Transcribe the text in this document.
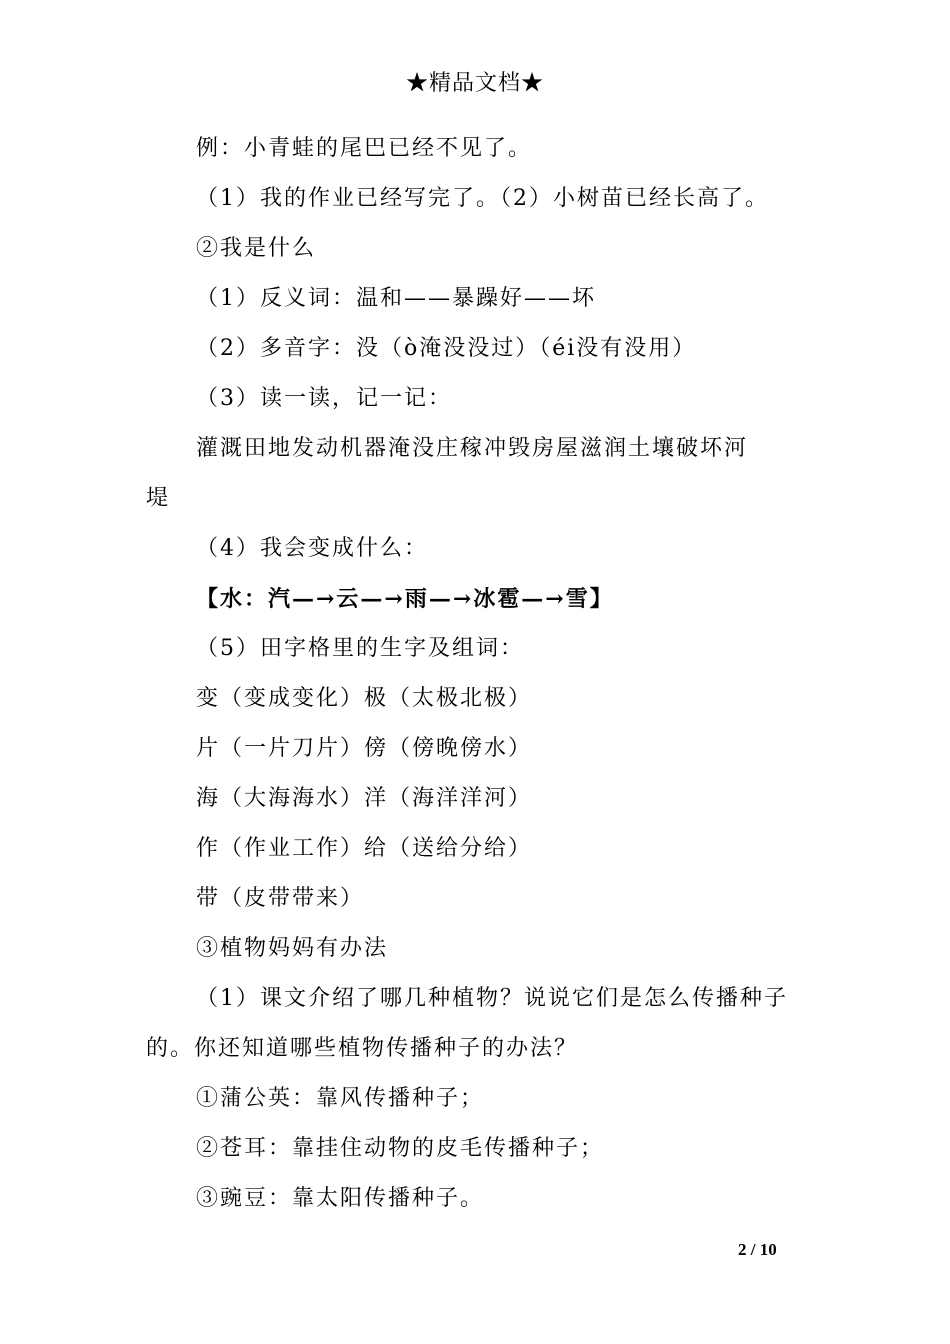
★精品文档★
例：小青蛙的尾巴已经不见了。
（1）我的作业已经写完了。（2）小树苗已经长高了。
②我是什么
（1）反义词：温和——暴躁好——坏
（2）多音字：没（ò淹没没过）（éi没有没用）
（3）读一读，记一记：
灌溉田地发动机器淹没庄稼冲毁房屋滋润土壤破坏河
堤
（4）我会变成什么：
【水：汽—→云—→雨—→冰雹—→雪】
（5）田字格里的生字及组词：
变（变成变化）极（太极北极）
片（一片刀片）傍（傍晚傍水）
海（大海海水）洋（海洋洋河）
作（作业工作）给（送给分给）
带（皮带带来）
③植物妈妈有办法
（1）课文介绍了哪几种植物？说说它们是怎么传播种子
的。你还知道哪些植物传播种子的办法？
①蒲公英：靠风传播种子；
②苍耳：靠挂住动物的皮毛传播种子；
③豌豆：靠太阳传播种子。
2 / 10
